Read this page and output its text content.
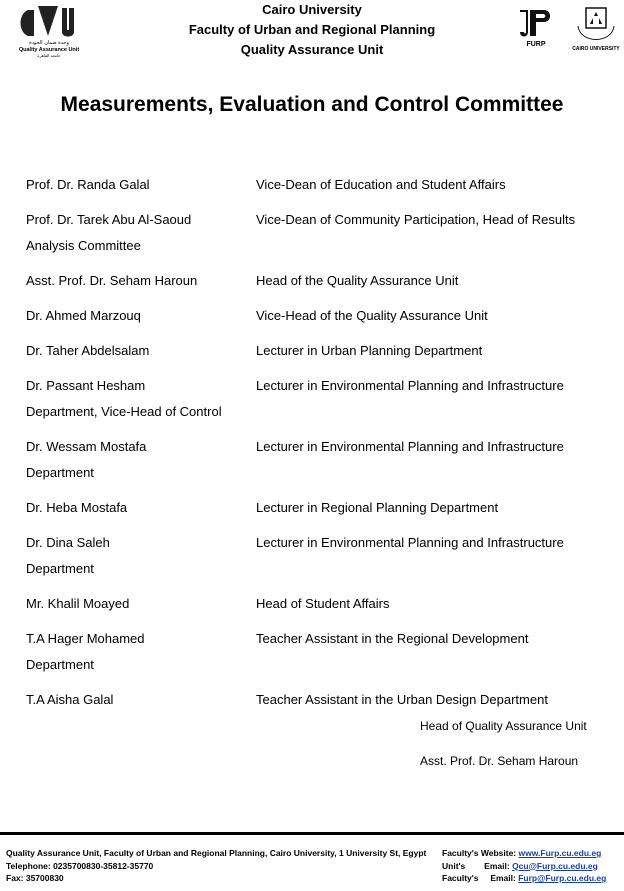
وحدة ضمان الجودة
Quality Assurance Unit
جامعة القاهرة
Cairo University
Faculty of Urban and Regional Planning
Quality Assurance Unit	FURP
CAIRO UNIVERSITY
Measurements, Evaluation and Control Committee
Prof. Dr. Randa Galal	Vice-Dean of Education and Student Affairs
Prof. Dr. Tarek Abu Al-Saoud	Vice-Dean of Community Participation, Head of Results
Analysis Committee
Asst. Prof. Dr. Seham Haroun	Head of the Quality Assurance Unit
Dr. Ahmed Marzouq	Vice-Head of the Quality Assurance Unit
Dr. Taher Abdelsalam	Lecturer in Urban Planning Department
Dr. Passant Hesham	Lecturer in Environmental Planning and Infrastructure
Department, Vice-Head of Control
Dr. Wessam Mostafa	Lecturer in Environmental Planning and Infrastructure
Department
Dr. Heba Mostafa	Lecturer in Regional Planning Department
Dr. Dina Saleh	Lecturer in Environmental Planning and Infrastructure
Department
Mr. Khalil Moayed	Head of Student Affairs
T.A Hager Mohamed	Teacher Assistant in the Regional Development
Department
T.A Aisha Galal	Teacher Assistant in the Urban Design Department
Head of Quality Assurance Unit
Asst. Prof. Dr. Seham Haroun
Quality Assurance Unit, Faculty of Urban and Regional Planning, Cairo University, 1 University St, Egypt
Telephone: 0235700830-35812-35770
Fax: 35700830
Faculty's Website: www.Furp.cu.edu.eg
Unit's        Email: Qcu@Furp.cu.edu.eg
Faculty's     Email: Furp@Furp.cu.edu.eg
